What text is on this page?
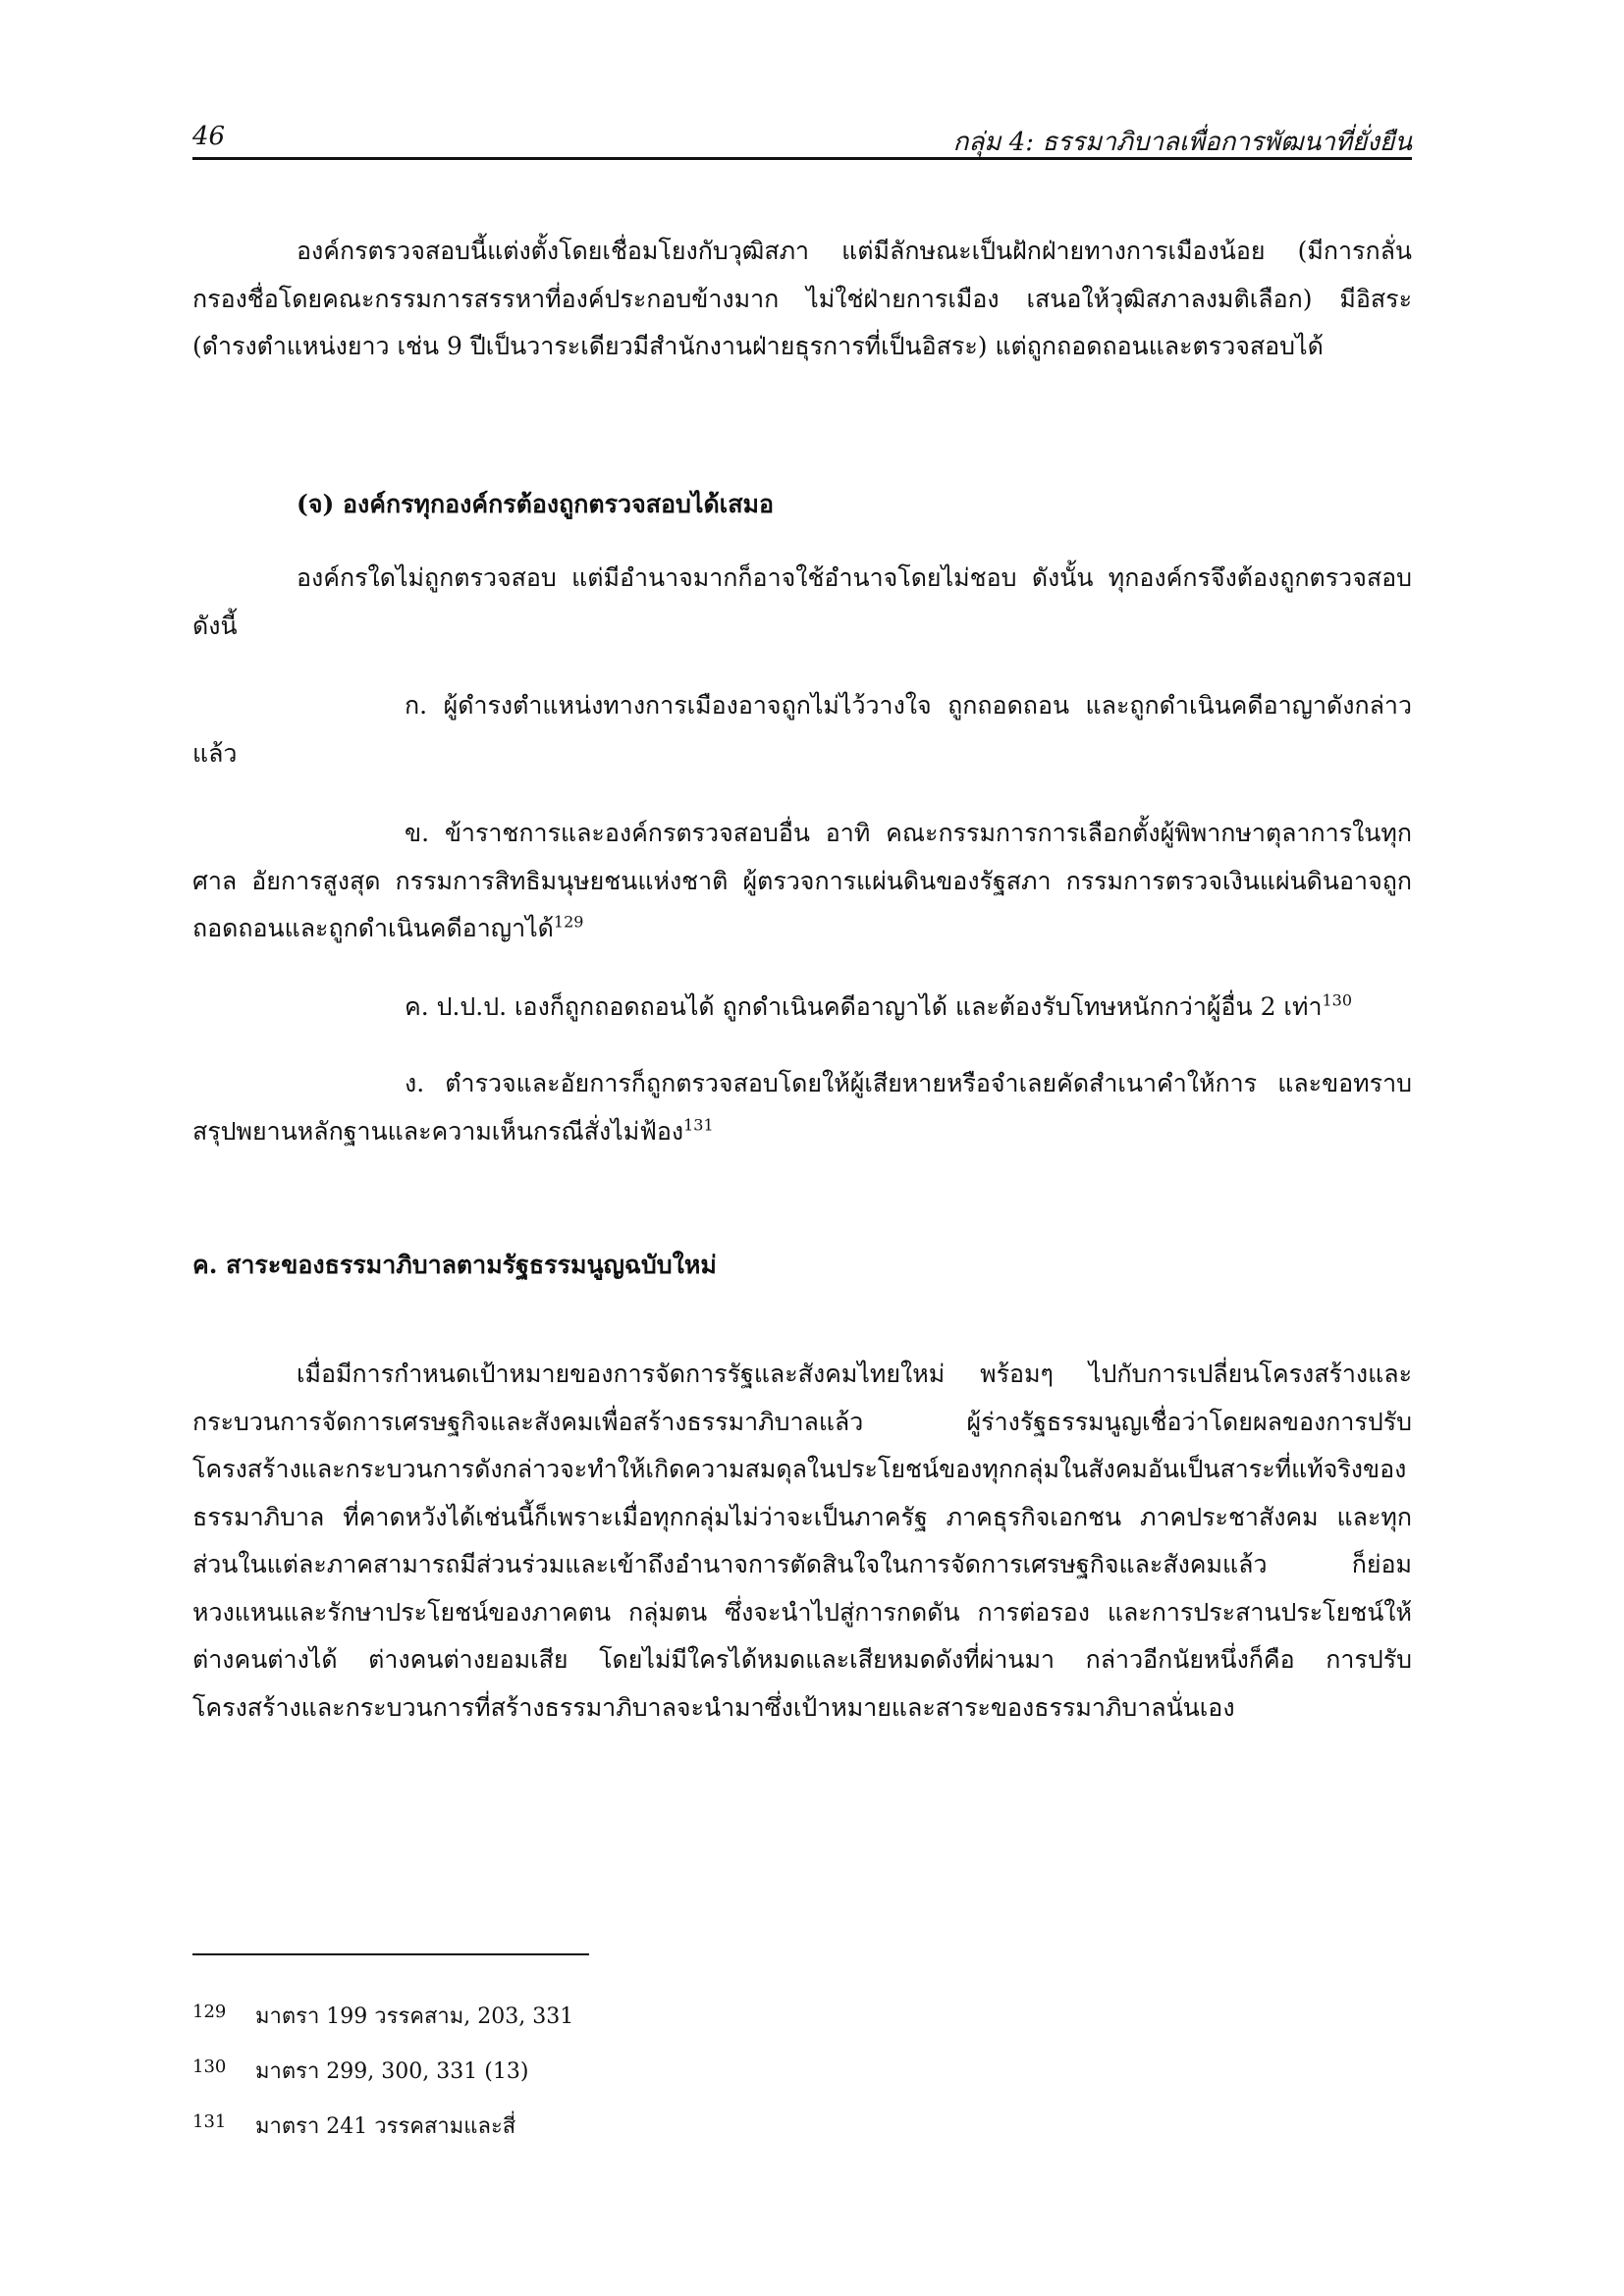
46	กลุ่ม 4: ธรรมาภิบาลเพื่อการพัฒนาที่ยั่งยืน

องค์กรตรวจสอบนี้แต่งตั้งโดยเชื่อมโยงกับวุฒิสภา แต่มีลักษณะเป็นฝักฝ่ายทางการเมืองน้อย (มีการกลั่นกรองชื่อโดยคณะกรรมการสรรหาที่องค์ประกอบข้างมาก ไม่ใช่ฝ่ายการเมือง เสนอให้วุฒิสภาลงมติเลือก) มีอิสระ (ดำรงตำแหน่งยาว เช่น 9 ปีเป็นวาระเดียวมีสำนักงานฝ่ายธุรการที่เป็นอิสระ) แต่ถูกถอดถอนและตรวจสอบได้

(จ) องค์กรทุกองค์กรต้องถูกตรวจสอบได้เสมอ

องค์กรใดไม่ถูกตรวจสอบ แต่มีอำนาจมากก็อาจใช้อำนาจโดยไม่ชอบ ดังนั้น ทุกองค์กรจึงต้องถูกตรวจสอบ ดังนี้

ก. ผู้ดำรงตำแหน่งทางการเมืองอาจถูกไม่ไว้วางใจ ถูกถอดถอน และถูกดำเนินคดีอาญาดังกล่าวแล้ว

ข. ข้าราชการและองค์กรตรวจสอบอื่น อาทิ คณะกรรมการการเลือกตั้งผู้พิพากษาตุลาการในทุกศาล อัยการสูงสุด กรรมการสิทธิมนุษยชนแห่งชาติ ผู้ตรวจการแผ่นดินของรัฐสภา กรรมการตรวจเงินแผ่นดินอาจถูกถอดถอนและถูกดำเนินคดีอาญาได้$^{129}$

ค. ป.ป.ป. เองก็ถูกถอดถอนได้ ถูกดำเนินคดีอาญาได้ และต้องรับโทษหนักกว่าผู้อื่น 2 เท่า$^{130}$

ง. ตำรวจและอัยการก็ถูกตรวจสอบโดยให้ผู้เสียหายหรือจำเลยคัดสำเนาคำให้การ และขอทราบสรุปพยานหลักฐานและความเห็นกรณีสั่งไม่ฟ้อง$^{131}$

ค. สาระของธรรมาภิบาลตามรัฐธรรมนูญฉบับใหม่

เมื่อมีการกำหนดเป้าหมายของการจัดการรัฐและสังคมไทยใหม่ พร้อมๆ ไปกับการเปลี่ยนโครงสร้างและกระบวนการจัดการเศรษฐกิจและสังคมเพื่อสร้างธรรมาภิบาลแล้ว ผู้ร่างรัฐธรรมนูญเชื่อว่าโดยผลของการปรับโครงสร้างและกระบวนการดังกล่าวจะทำให้เกิดความสมดุลในประโยชน์ของทุกกลุ่มในสังคมอันเป็นสาระที่แท้จริงของธรรมาภิบาล ที่คาดหวังได้เช่นนี้ก็เพราะเมื่อทุกกลุ่มไม่ว่าจะเป็นภาครัฐ ภาคธุรกิจเอกชน ภาคประชาสังคม และทุกส่วนในแต่ละภาคสามารถมีส่วนร่วมและเข้าถึงอำนาจการตัดสินใจในการจัดการเศรษฐกิจและสังคมแล้ว ก็ย่อมหวงแหนและรักษาประโยชน์ของภาคตน กลุ่มตน ซึ่งจะนำไปสู่การกดดัน การต่อรอง และการประสานประโยชน์ให้ต่างคนต่างได้ ต่างคนต่างยอมเสีย โดยไม่มีใครได้หมดและเสียหมดดังที่ผ่านมา กล่าวอีกนัยหนึ่งก็คือ การปรับโครงสร้างและกระบวนการที่สร้างธรรมาภิบาลจะนำมาซึ่งเป้าหมายและสาระของธรรมาภิบาลนั่นเอง

129 มาตรา 199 วรรคสาม, 203, 331
130 มาตรา 299, 300, 331 (13)
131 มาตรา 241 วรรคสามและสี่
